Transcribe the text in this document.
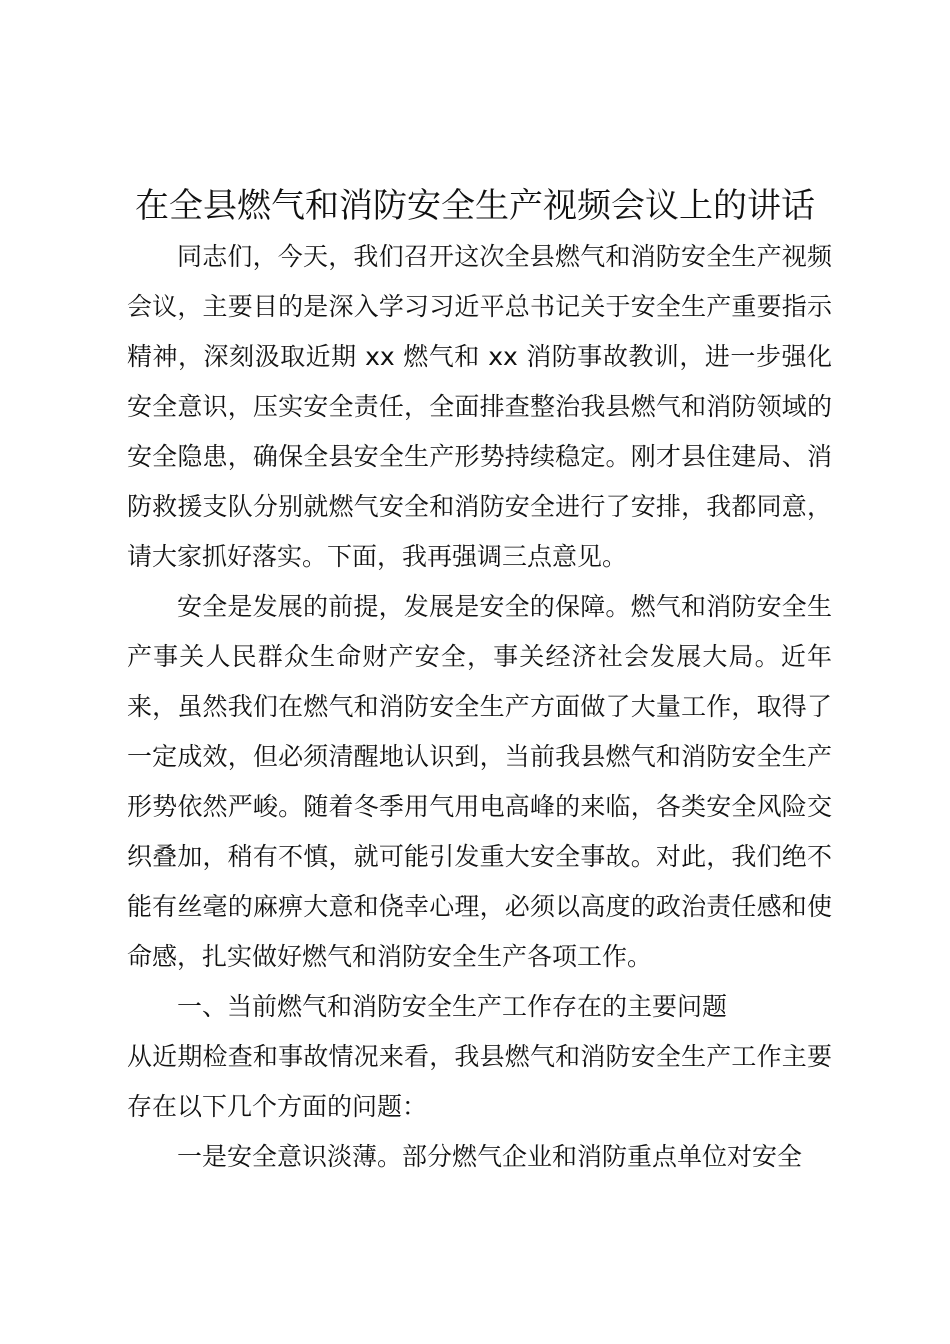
在全县燃气和消防安全生产视频会议上的讲话

同志们，今天，我们召开这次全县燃气和消防安全生产视频会议，主要目的是深入学习习近平总书记关于安全生产重要指示精神，深刻汲取近期 xx 燃气和 xx 消防事故教训，进一步强化安全意识，压实安全责任，全面排查整治我县燃气和消防领域的安全隐患，确保全县安全生产形势持续稳定。刚才县住建局、消防救援支队分别就燃气安全和消防安全进行了安排，我都同意，请大家抓好落实。下面，我再强调三点意见。

安全是发展的前提，发展是安全的保障。燃气和消防安全生产事关人民群众生命财产安全，事关经济社会发展大局。近年来，虽然我们在燃气和消防安全生产方面做了大量工作，取得了一定成效，但必须清醒地认识到，当前我县燃气和消防安全生产形势依然严峻。随着冬季用气用电高峰的来临，各类安全风险交织叠加，稍有不慎，就可能引发重大安全事故。对此，我们绝不能有丝毫的麻痹大意和侥幸心理，必须以高度的政治责任感和使命感，扎实做好燃气和消防安全生产各项工作。

一、当前燃气和消防安全生产工作存在的主要问题

从近期检查和事故情况来看，我县燃气和消防安全生产工作主要存在以下几个方面的问题：

一是安全意识淡薄。部分燃气企业和消防重点单位对安全
